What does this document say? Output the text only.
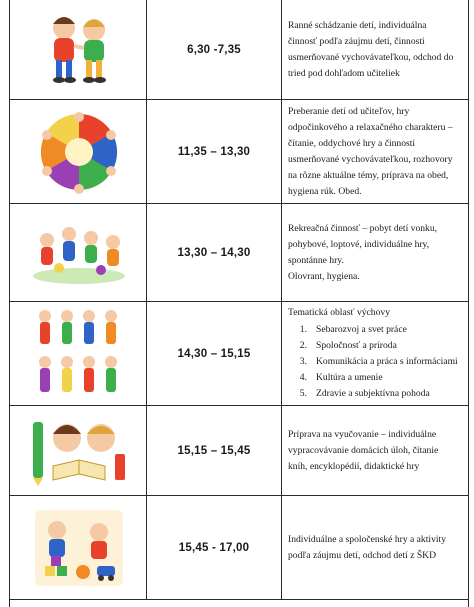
6,30 -7,35

Ranné schádzanie detí, individuálna

činnosť podľa záujmu detí, činnosti

usmerňované vychovávateľkou, odchod do

tried pod dohľadom učiteliek

11,35 – 13,30

Preberanie detí od učiteľov, hry

odpočinkového a relaxačného charakteru –

čítanie, oddychové hry a činnosti

usmerňované vychovávateľkou, rozhovory

na rôzne aktuálne témy, príprava na obed,

hygiena rúk. Obed.

13,30 – 14,30

Rekreačná činnosť – pobyt detí vonku,

pohybové, loptové, individuálne hry,

spontánne hry.

Olovrant, hygiena.

14,30 – 15,15

Tematická oblasť výchovy

1. Sebarozvoj a svet práce
2. Spoločnosť a príroda
3. Komunikácia a práca s informáciami
4. Kultúra a umenie
5. Zdravie a subjektívna pohoda
15,15 – 15,45

Príprava na vyučovanie – individuálne

vypracovávanie domácich úloh, čítanie

kníh, encyklopédií, didaktické hry

15,45 - 17,00

Individuálne a spoločenské hry a aktivity

podľa záujmu detí, odchod detí z ŠKD
